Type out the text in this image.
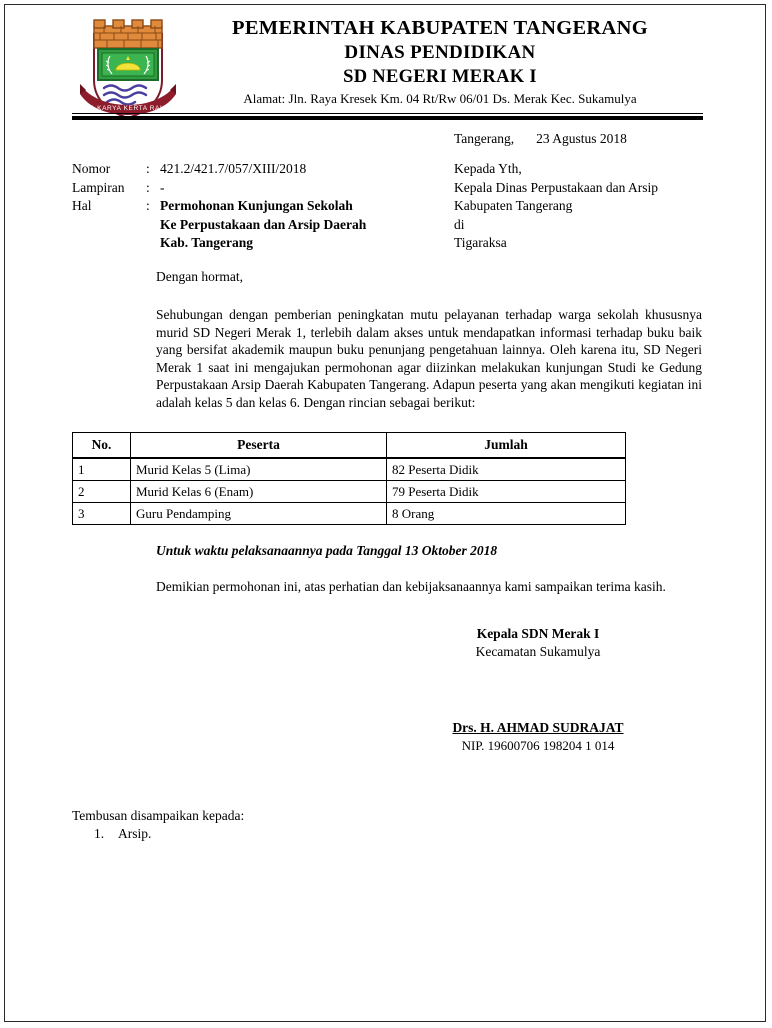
SATYA KARYA KERTA RAHARJA
PEMERINTAH KABUPATEN TANGERANG
DINAS PENDIDIKAN
SD NEGERI MERAK I
Alamat: Jln. Raya Kresek Km. 04 Rt/Rw 06/01 Ds. Merak Kec. Sukamulya
Tangerang, 23 Agustus 2018
Nomor	: 421.2/421.7/057/XIII/2018
Lampiran	: -
Hal	: Permohonan Kunjungan Sekolah
Ke Perpustakaan dan Arsip Daerah
Kab. Tangerang
Kepada Yth,
Kepala Dinas Perpustakaan dan Arsip
Kabupaten Tangerang
di
Tigaraksa
Dengan hormat,
Sehubungan dengan pemberian peningkatan mutu pelayanan terhadap warga sekolah khususnya murid SD Negeri Merak 1, terlebih dalam akses untuk mendapatkan informasi terhadap buku baik yang bersifat akademik maupun buku penunjang pengetahuan lainnya. Oleh karena itu, SD Negeri Merak 1 saat ini mengajukan permohonan agar diizinkan melakukan kunjungan Studi ke Gedung Perpustakaan Arsip Daerah Kabupaten Tangerang. Adapun peserta yang akan mengikuti kegiatan ini adalah kelas 5 dan kelas 6. Dengan rincian sebagai berikut:
No.	Peserta	Jumlah
1	Murid Kelas 5 (Lima)	82 Peserta Didik
2	Murid Kelas 6 (Enam)	79 Peserta Didik
3	Guru Pendamping	8 Orang
Untuk waktu pelaksanaannya pada Tanggal 13 Oktober 2018
Demikian permohonan ini, atas perhatian dan kebijaksanaannya kami sampaikan terima kasih.
Kepala SDN Merak I
Kecamatan Sukamulya
Drs. H. AHMAD SUDRAJAT
NIP. 19600706 198204 1 014
Tembusan disampaikan kepada:
1. Arsip.
